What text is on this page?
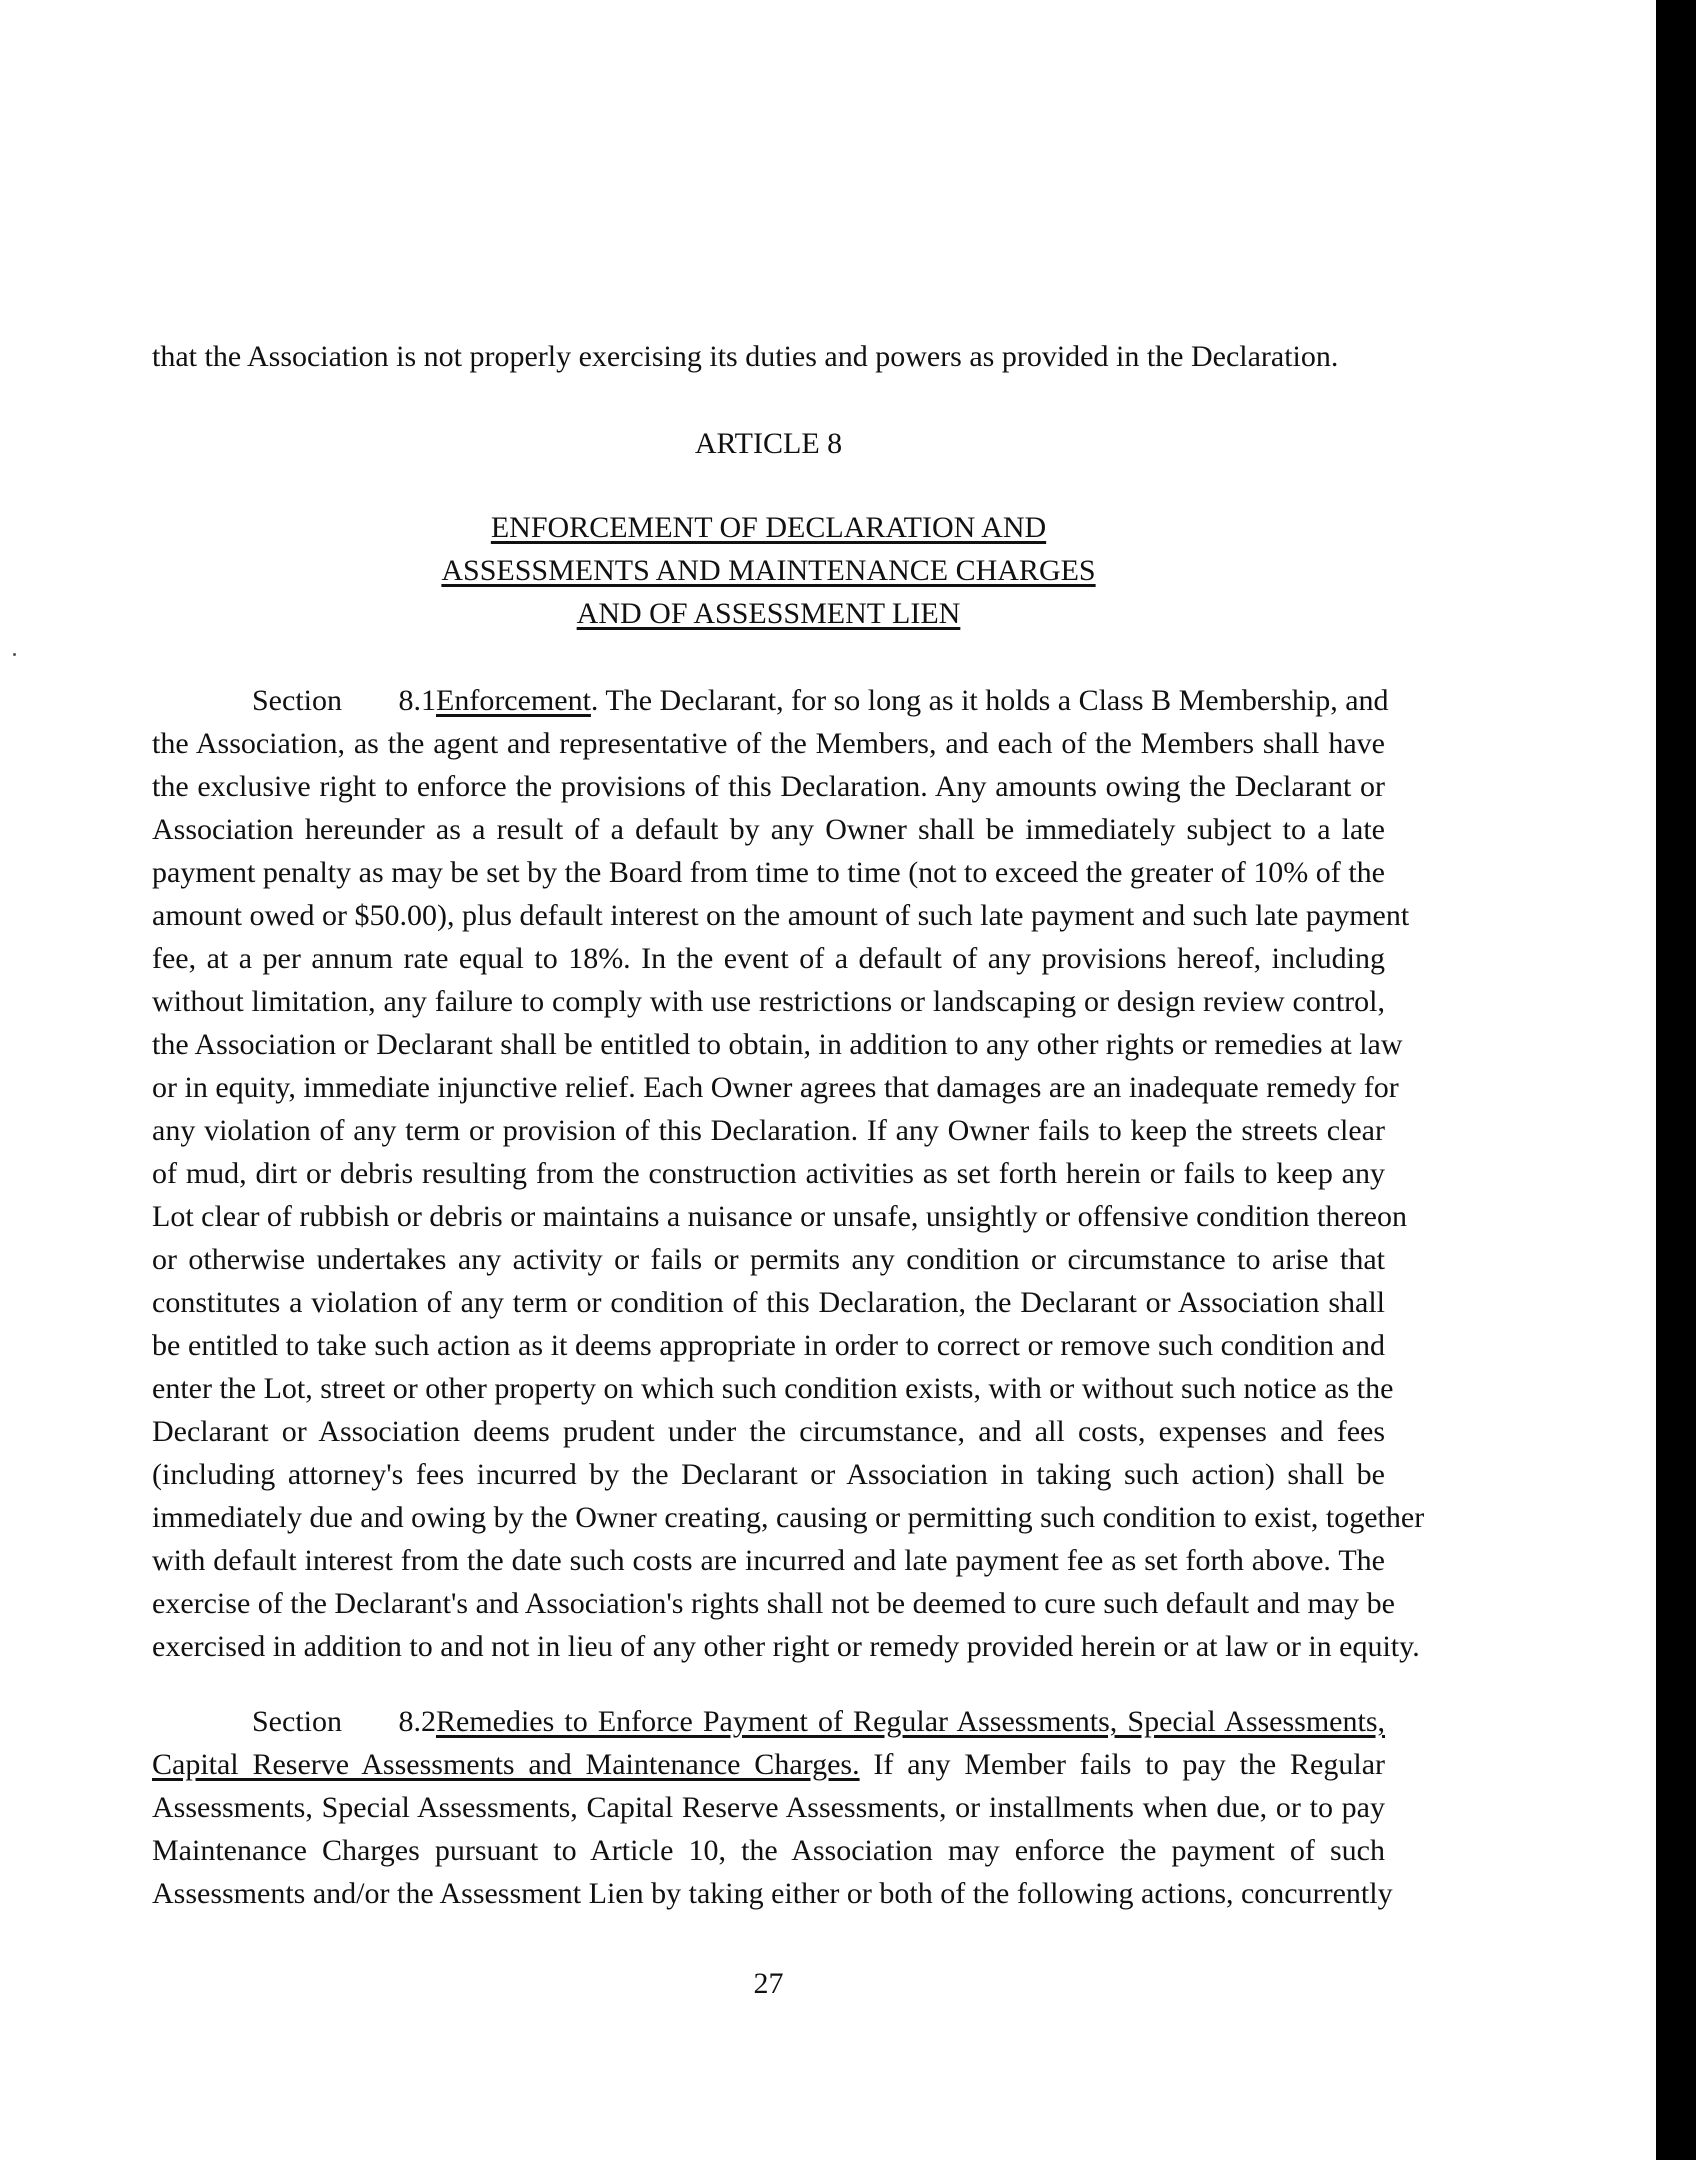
that the Association is not properly exercising its duties and powers as provided in the Declaration.
ARTICLE 8
ENFORCEMENT OF DECLARATION AND
ASSESSMENTS AND MAINTENANCE CHARGES
AND OF ASSESSMENT LIEN
Section 8.1Enforcement. The Declarant, for so long as it holds a Class B Membership, and
the Association, as the agent and representative of the Members, and each of the Members shall have
the exclusive right to enforce the provisions of this Declaration. Any amounts owing the Declarant or
Association hereunder as a result of a default by any Owner shall be immediately subject to a late
payment penalty as may be set by the Board from time to time (not to exceed the greater of 10% of the
amount owed or $50.00), plus default interest on the amount of such late payment and such late payment
fee, at a per annum rate equal to 18%. In the event of a default of any provisions hereof, including
without limitation, any failure to comply with use restrictions or landscaping or design review control,
the Association or Declarant shall be entitled to obtain, in addition to any other rights or remedies at law
or in equity, immediate injunctive relief. Each Owner agrees that damages are an inadequate remedy for
any violation of any term or provision of this Declaration. If any Owner fails to keep the streets clear
of mud, dirt or debris resulting from the construction activities as set forth herein or fails to keep any
Lot clear of rubbish or debris or maintains a nuisance or unsafe, unsightly or offensive condition thereon
or otherwise undertakes any activity or fails or permits any condition or circumstance to arise that
constitutes a violation of any term or condition of this Declaration, the Declarant or Association shall
be entitled to take such action as it deems appropriate in order to correct or remove such condition and
enter the Lot, street or other property on which such condition exists, with or without such notice as the
Declarant or Association deems prudent under the circumstance, and all costs, expenses and fees
(including attorney's fees incurred by the Declarant or Association in taking such action) shall be
immediately due and owing by the Owner creating, causing or permitting such condition to exist, together
with default interest from the date such costs are incurred and late payment fee as set forth above. The
exercise of the Declarant's and Association's rights shall not be deemed to cure such default and may be
exercised in addition to and not in lieu of any other right or remedy provided herein or at law or in equity.
Section 8.2Remedies to Enforce Payment of Regular Assessments, Special Assessments,
Capital Reserve Assessments and Maintenance Charges. If any Member fails to pay the Regular
Assessments, Special Assessments, Capital Reserve Assessments, or installments when due, or to pay
Maintenance Charges pursuant to Article 10, the Association may enforce the payment of such
Assessments and/or the Assessment Lien by taking either or both of the following actions, concurrently
27
